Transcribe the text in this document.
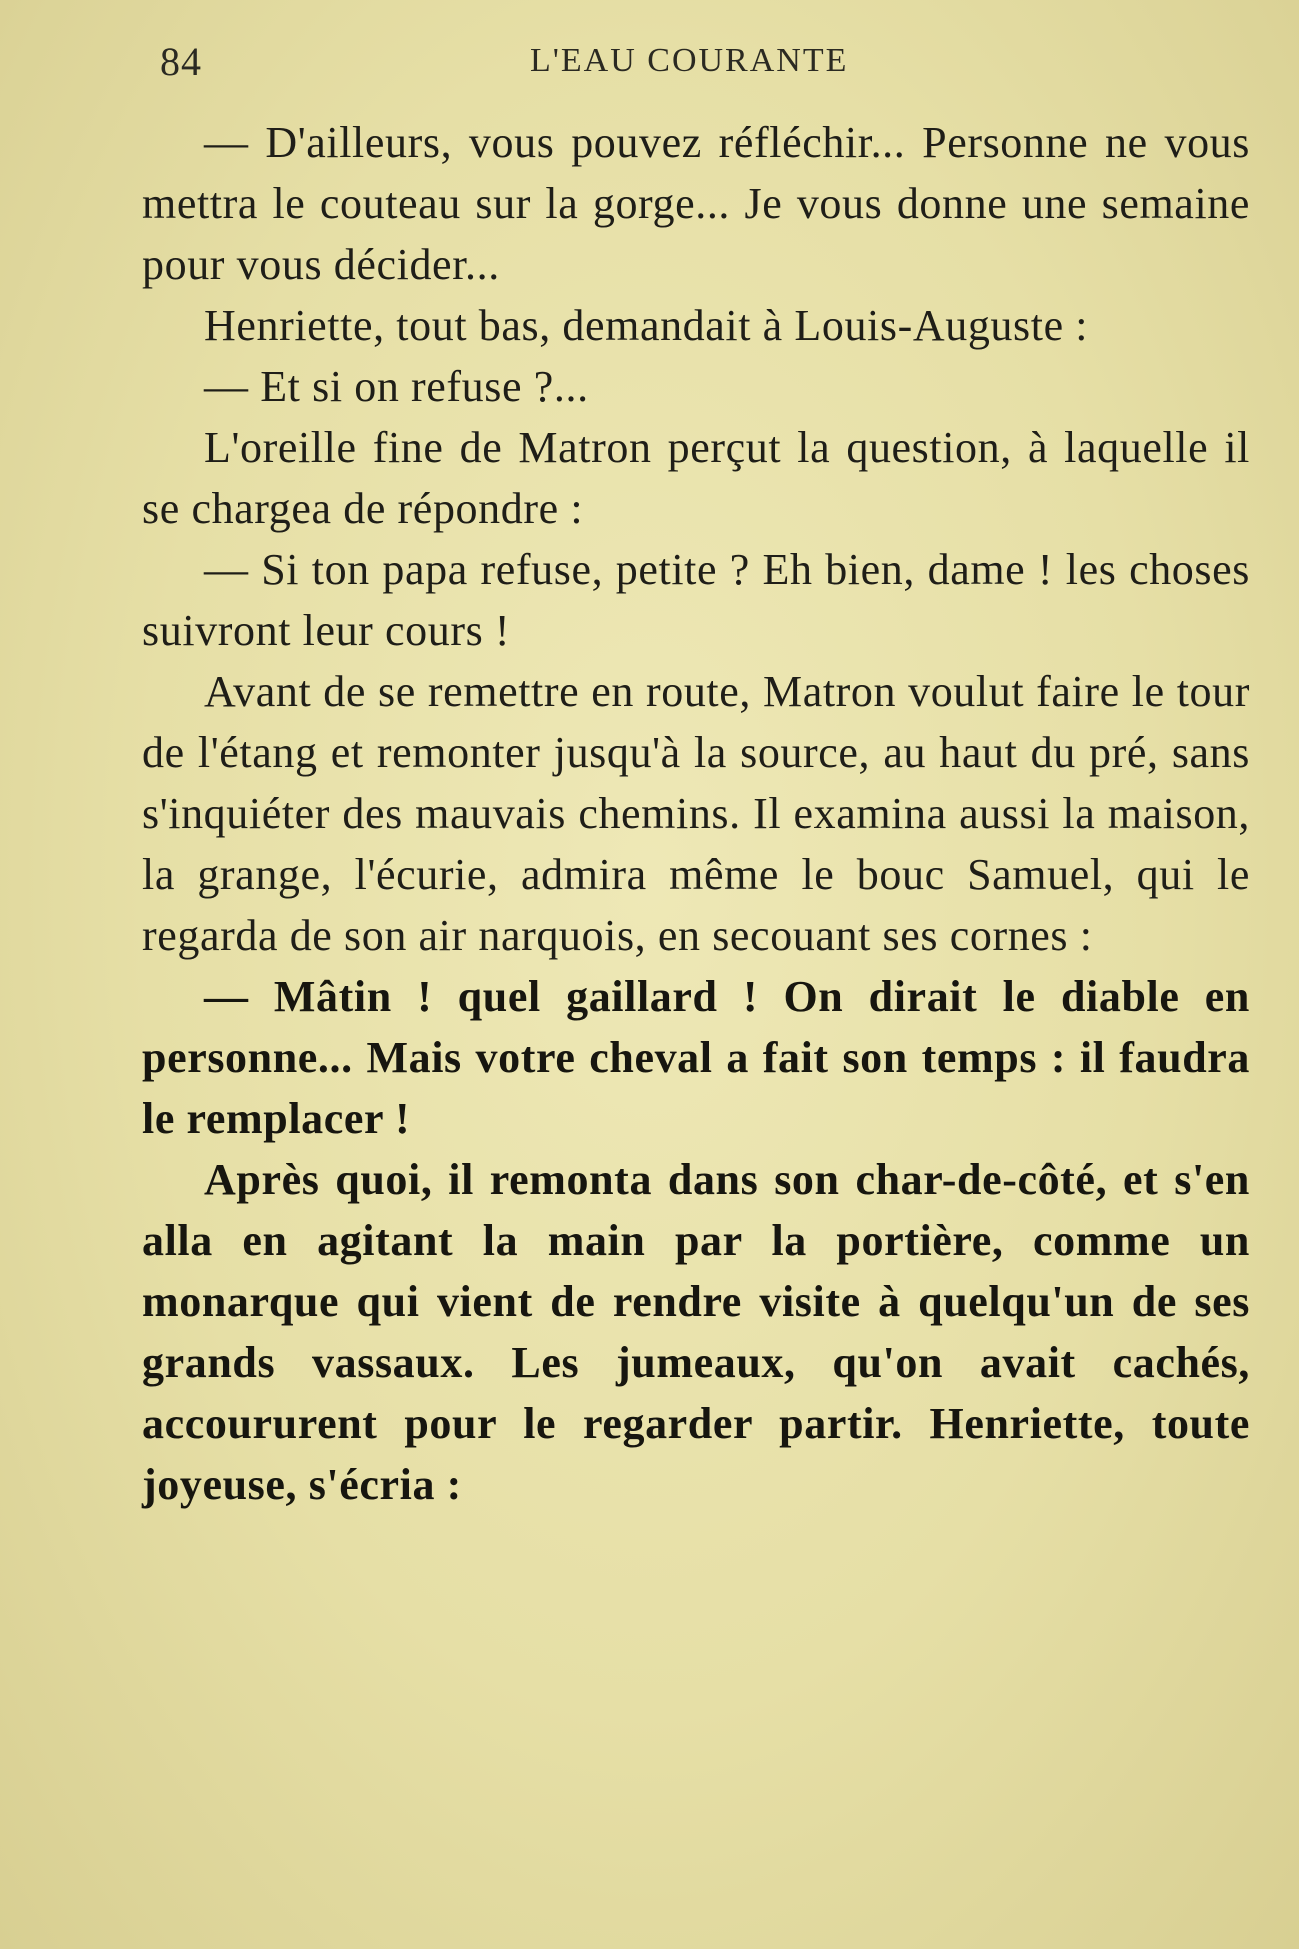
84	L'EAU COURANTE

— D'ailleurs, vous pouvez réfléchir... Personne ne vous mettra le couteau sur la gorge... Je vous donne une semaine pour vous décider...

Henriette, tout bas, demandait à Louis-Auguste :

— Et si on refuse ?...

L'oreille fine de Matron perçut la question, à laquelle il se chargea de répondre :

— Si ton papa refuse, petite ? Eh bien, dame ! les choses suivront leur cours !

Avant de se remettre en route, Matron voulut faire le tour de l'étang et remonter jusqu'à la source, au haut du pré, sans s'inquiéter des mauvais chemins. Il examina aussi la maison, la grange, l'écurie, admira même le bouc Samuel, qui le regarda de son air narquois, en secouant ses cornes :

— Mâtin ! quel gaillard ! On dirait le diable en personne... Mais votre cheval a fait son temps : il faudra le remplacer !

Après quoi, il remonta dans son char-de-côté, et s'en alla en agitant la main par la portière, comme un monarque qui vient de rendre visite à quelqu'un de ses grands vassaux. Les jumeaux, qu'on avait cachés, accoururent pour le regarder partir. Henriette, toute joyeuse, s'écria :
